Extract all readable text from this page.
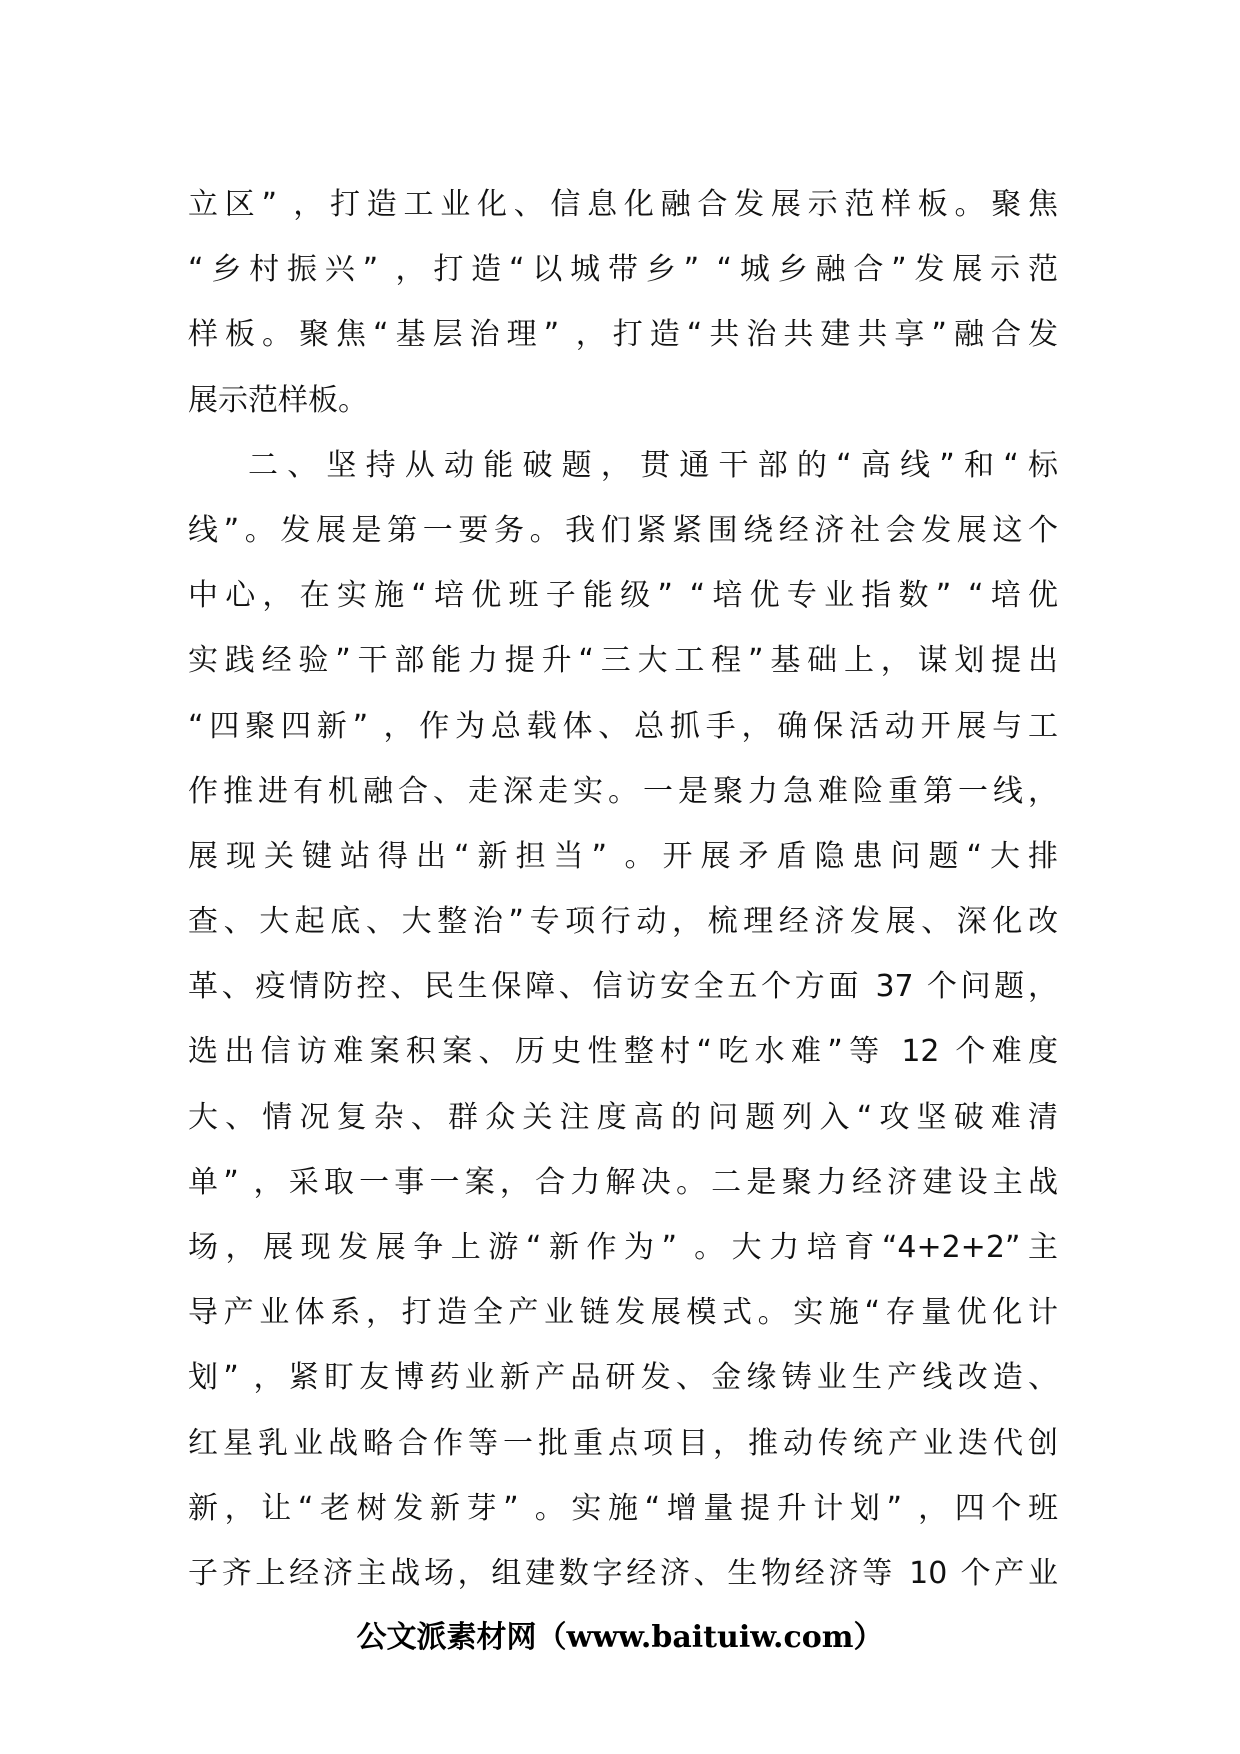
立区” ，打造工业化、信息化融合发展示范样板。聚焦
“乡村振兴” ，打造“以城带乡” “城乡融合”发展示范
样板。聚焦“基层治理” ，打造“共治共建共享”融合发
展示范样板。
二、坚持从动能破题，贯通干部的“高线”和“标
线”。发展是第一要务。我们紧紧围绕经济社会发展这个
中心，在实施“培优班子能级” “培优专业指数” “培优
实践经验”干部能力提升“三大工程”基础上，谋划提出
“四聚四新” ，作为总载体、总抓手，确保活动开展与工
作推进有机融合、走深走实。一是聚力急难险重第一线，
展现关键站得出“新担当” 。开展矛盾隐患问题“大排
查、大起底、大整治”专项行动，梳理经济发展、深化改
革、疫情防控、民生保障、信访安全五个方面 37 个问题，
选出信访难案积案、历史性整村“吃水难”等 12 个难度
大、情况复杂、群众关注度高的问题列入“攻坚破难清
单” ，采取一事一案，合力解决。二是聚力经济建设主战
场，展现发展争上游“新作为” 。大力培育“4+2+2”主
导产业体系，打造全产业链发展模式。实施“存量优化计
划” ，紧盯友博药业新产品研发、金缘铸业生产线改造、
红星乳业战略合作等一批重点项目，推动传统产业迭代创
新，让“老树发新芽” 。实施“增量提升计划” ，四个班
子齐上经济主战场，组建数字经济、生物经济等 10 个产业
公文派素材网（www.baituiw.com）
